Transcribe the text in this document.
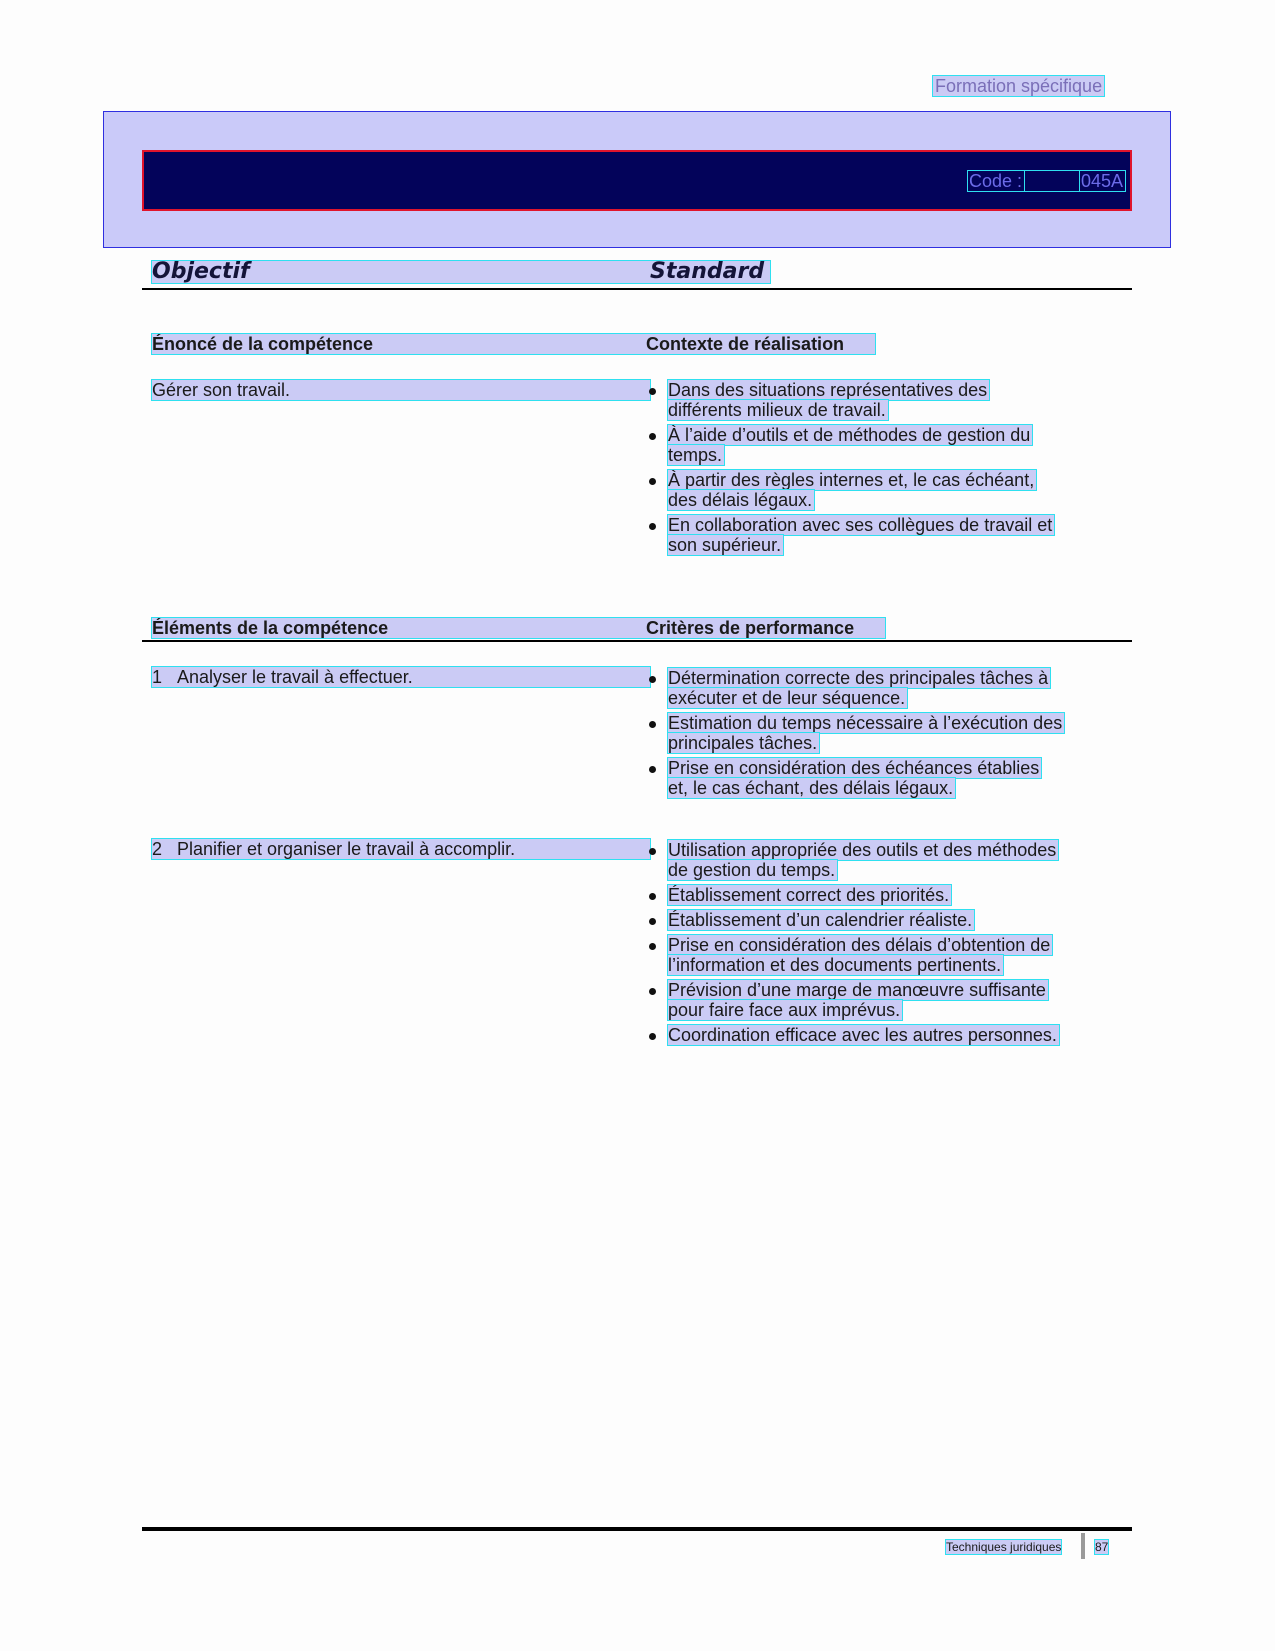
Formation spécifique
Code :	045A
Objectif	Standard
Énoncé de la compétence	Contexte de réalisation
Gérer son travail.	Dans des situations représentatives des
différents milieux de travail.
À l’aide d’outils et de méthodes de gestion du
temps.
À partir des règles internes et, le cas échéant,
des délais légaux.
En collaboration avec ses collègues de travail et
son supérieur.
Éléments de la compétence	Critères de performance
1 Analyser le travail à effectuer.	Détermination correcte des principales tâches à
exécuter et de leur séquence.
Estimation du temps nécessaire à l’exécution des
principales tâches.
Prise en considération des échéances établies
et, le cas échant, des délais légaux.
2 Planifier et organiser le travail à accomplir.	Utilisation appropriée des outils et des méthodes
de gestion du temps.
Établissement correct des priorités.
Établissement d’un calendrier réaliste.
Prise en considération des délais d’obtention de
l’information et des documents pertinents.
Prévision d’une marge de manœuvre suffisante
pour faire face aux imprévus.
Coordination efficace avec les autres personnes.
Techniques juridiques	87
